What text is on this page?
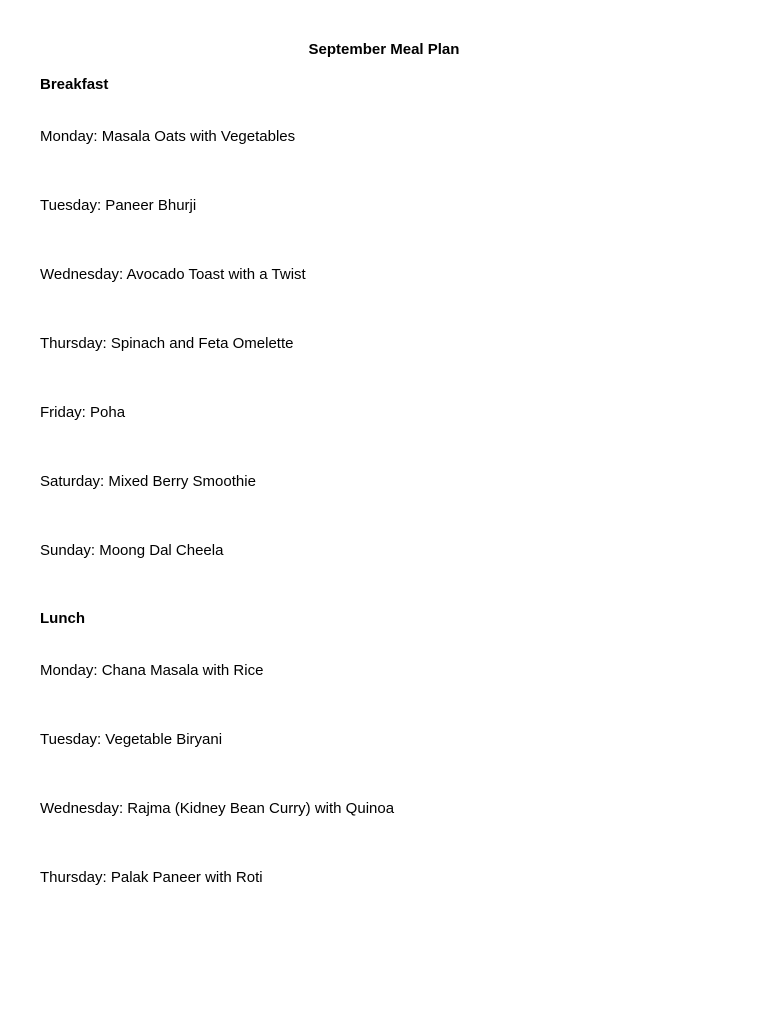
September Meal Plan
Breakfast
Monday: Masala Oats with Vegetables
Tuesday: Paneer Bhurji
Wednesday: Avocado Toast with a Twist
Thursday: Spinach and Feta Omelette
Friday: Poha
Saturday: Mixed Berry Smoothie
Sunday: Moong Dal Cheela
Lunch
Monday: Chana Masala with Rice
Tuesday: Vegetable Biryani
Wednesday: Rajma (Kidney Bean Curry) with Quinoa
Thursday: Palak Paneer with Roti
